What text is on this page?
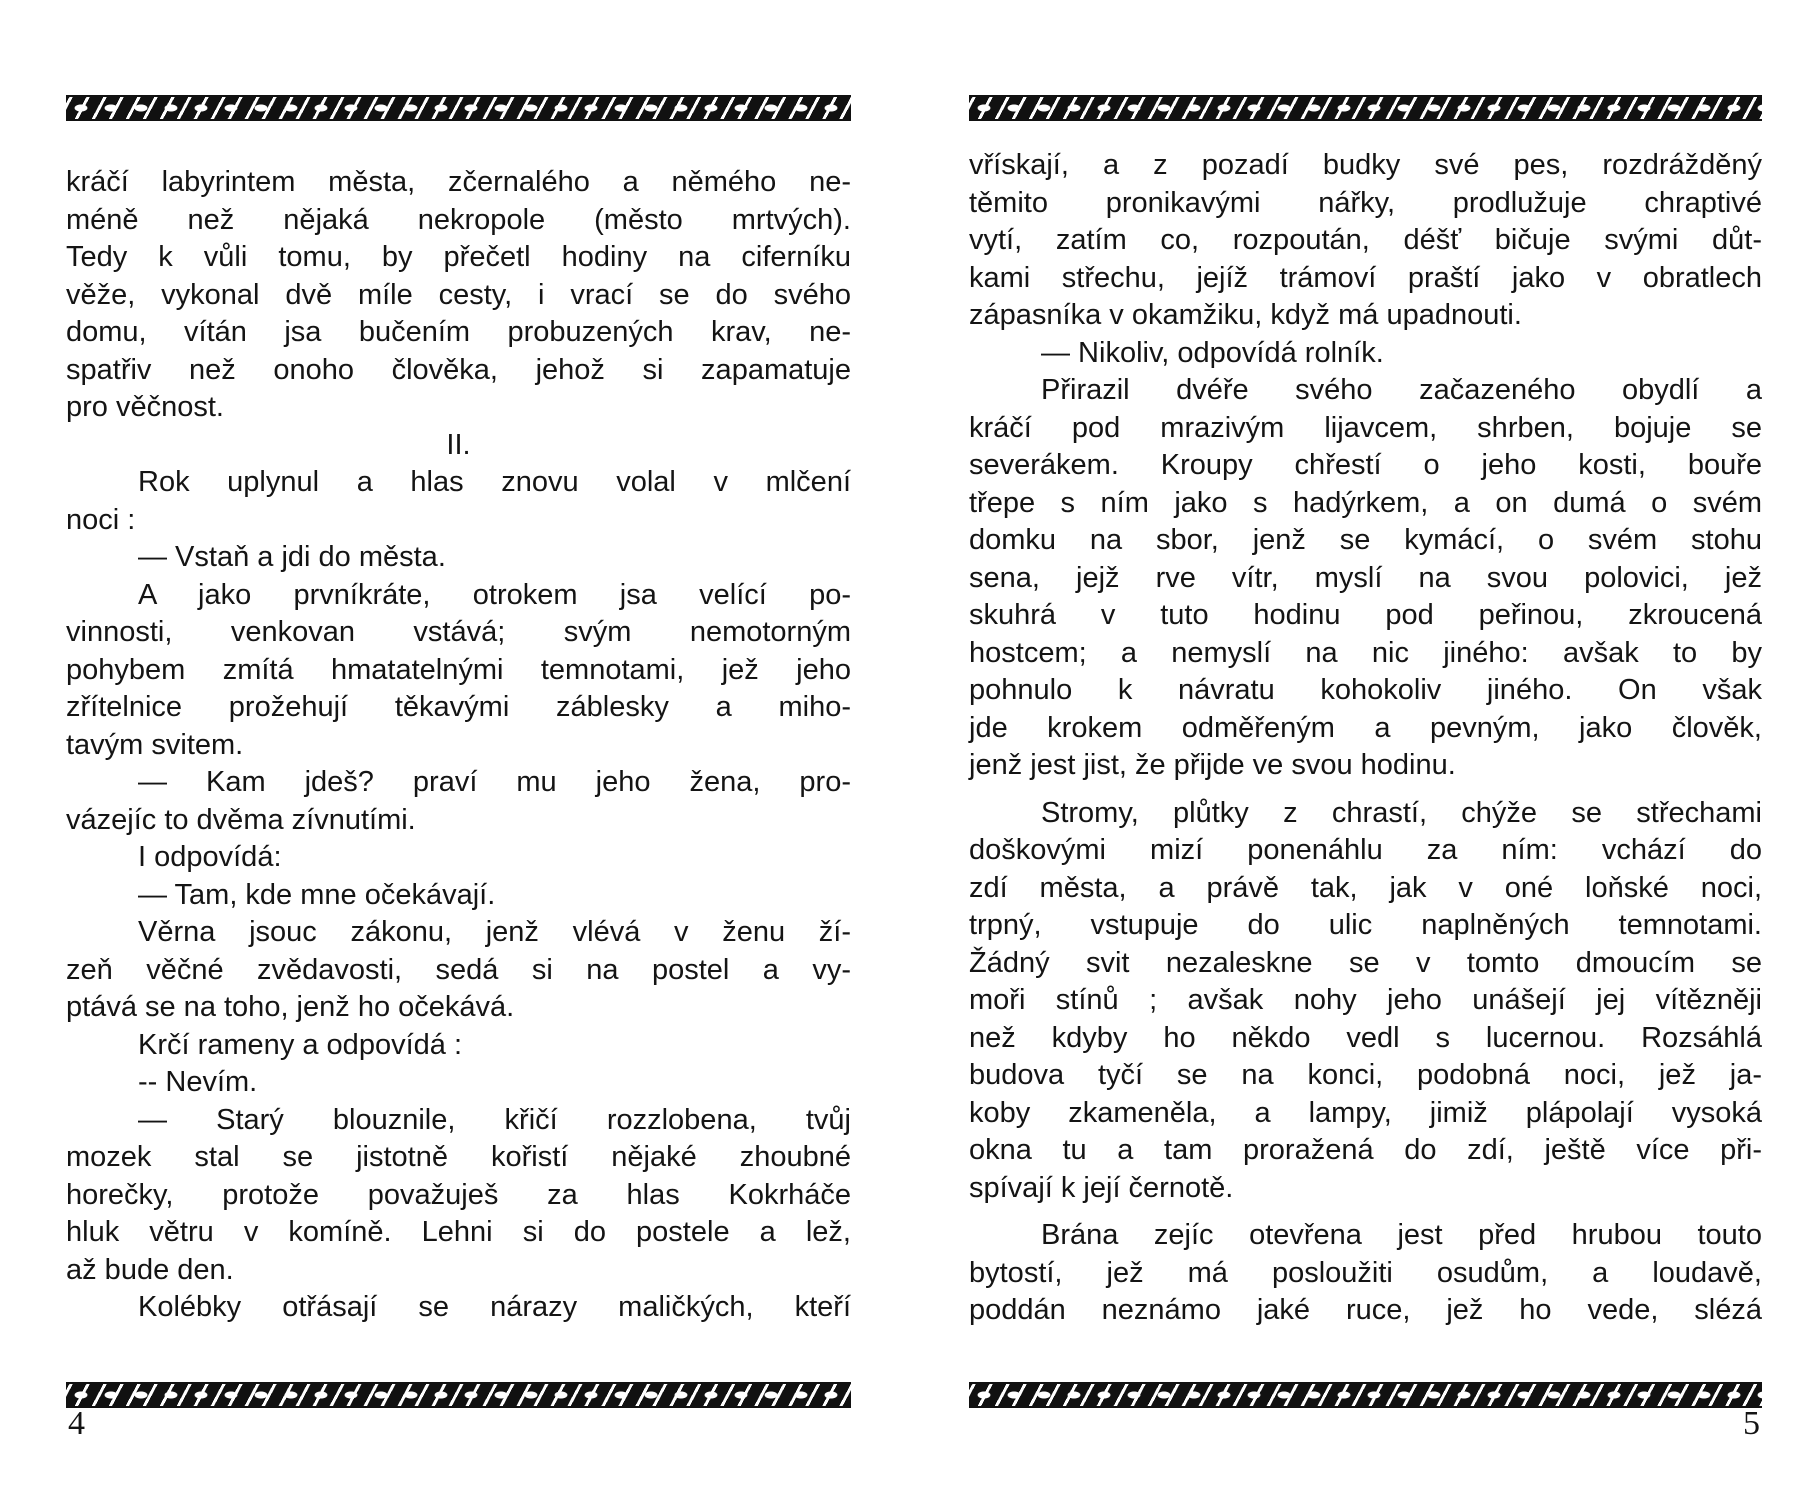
kráčí labyrintem města, zčernalého a němého ne-
méně než nějaká nekropole (město mrtvých).
Tedy k vůli tomu, by přečetl hodiny na ciferníku
věže, vykonal dvě míle cesty, i vrací se do svého
domu, vítán jsa bučením probuzených krav, ne-
spatřiv než onoho člověka, jehož si zapamatuje
pro věčnost.
II.
Rok uplynul a hlas znovu volal v mlčení
noci :
— Vstaň a jdi do města.
A jako prvníkráte, otrokem jsa velící po-
vinnosti, venkovan vstává; svým nemotorným
pohybem zmítá hmatatelnými temnotami, jež jeho
zřítelnice prožehují těkavými záblesky a miho-
tavým svitem.
— Kam jdeš? praví mu jeho žena, pro-
vázejíc to dvěma zívnutími.
I odpovídá:
— Tam, kde mne očekávají.
Věrna jsouc zákonu, jenž vlévá v ženu ží-
zeň věčné zvědavosti, sedá si na postel a vy-
ptává se na toho, jenž ho očekává.
Krčí rameny a odpovídá :
-- Nevím.
— Starý blouznile, křičí rozzlobena, tvůj
mozek stal se jistotně kořistí nějaké zhoubné
horečky, protože považuješ za hlas Kokrháče
hluk větru v komíně. Lehni si do postele a lež,
až bude den.
Kolébky otřásají se nárazy maličkých, kteří
4
vřískají, a z pozadí budky své pes, rozdrážděný
těmito pronikavými nářky, prodlužuje chraptivé
vytí, zatím co, rozpoután, déšť bičuje svými důt-
kami střechu, jejíž trámoví praští jako v obratlech
zápasníka v okamžiku, když má upadnouti.
— Nikoliv, odpovídá rolník.
Přirazil dvéře svého začazeného obydlí a
kráčí pod mrazivým lijavcem, shrben, bojuje se
severákem. Kroupy chřestí o jeho kosti, bouře
třepe s ním jako s hadýrkem, a on dumá o svém
domku na sbor, jenž se kymácí, o svém stohu
sena, jejž rve vítr, myslí na svou polovici, jež
skuhrá v tuto hodinu pod peřinou, zkroucená
hostcem; a nemyslí na nic jiného: avšak to by
pohnulo k návratu kohokoliv jiného. On však
jde krokem odměřeným a pevným, jako člověk,
jenž jest jist, že přijde ve svou hodinu.
Stromy, plůtky z chrastí, chýže se střechami
doškovými mizí ponenáhlu za ním: vchází do
zdí města, a právě tak, jak v oné loňské noci,
trpný, vstupuje do ulic naplněných temnotami.
Žádný svit nezaleskne se v tomto dmoucím se
moři stínů ; avšak nohy jeho unášejí jej vítězněji
než kdyby ho někdo vedl s lucernou. Rozsáhlá
budova tyčí se na konci, podobná noci, jež ja-
koby zkameněla, a lampy, jimiž plápolají vysoká
okna tu a tam proražená do zdí, ještě více při-
spívají k její černotě.
Brána zejíc otevřena jest před hrubou touto
bytostí, jež má posloužiti osudům, a loudavě,
poddán neznámo jaké ruce, jež ho vede, slézá
5
